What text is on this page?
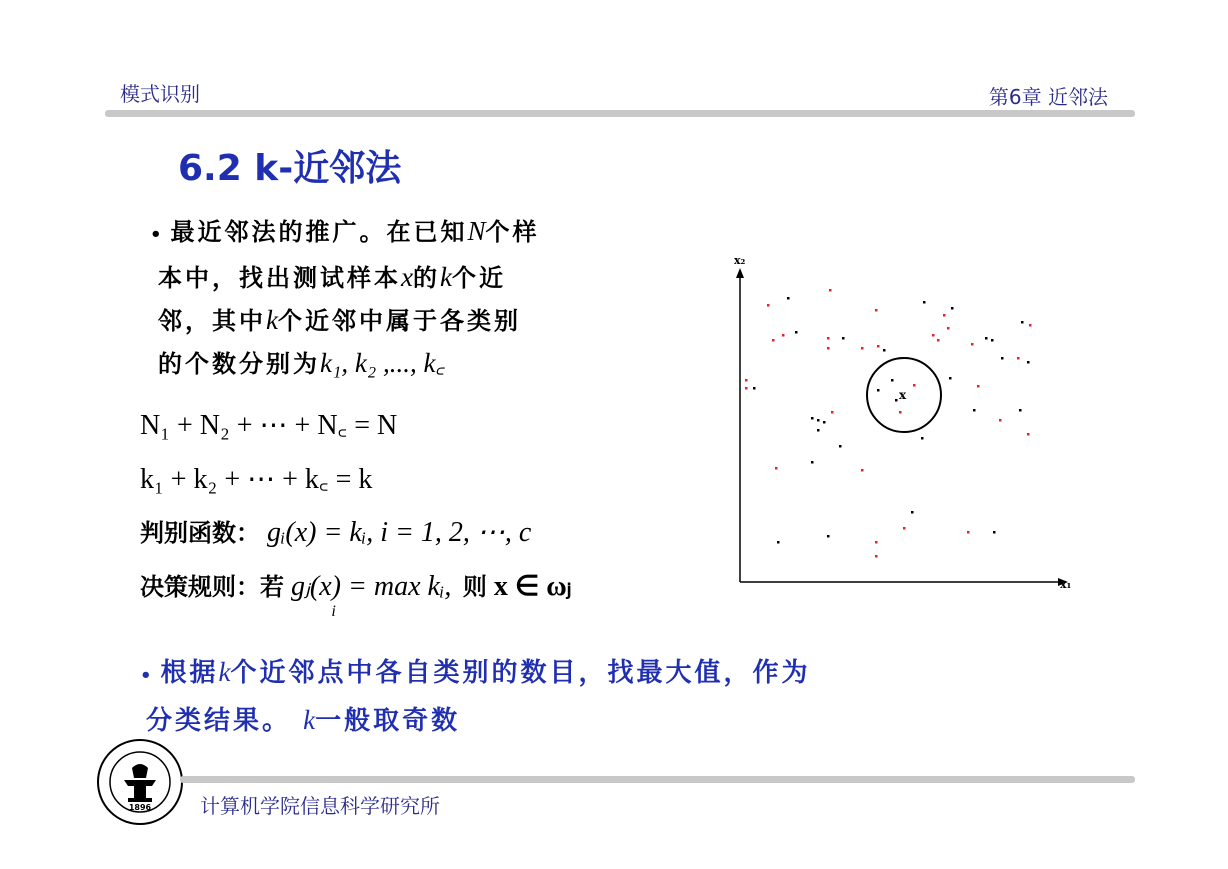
模式识别	第6章 近邻法
6.2 k-近邻法
• 最近邻法的推广。在已知N个样
本中，找出测试样本x的k个近
邻，其中k个近邻中属于各类别
的个数分别为k₁, k₂ ,..., k꜀
N₁ + N₂ + ⋯ + N꜀ = N
k₁ + k₂ + ⋯ + k꜀ = k
判别函数： gᵢ(x) = kᵢ, i = 1, 2, ⋯, c
决策规则：若 gⱼ(x) = $\max kᵢ,_i$ 则 x ∈ ωⱼ	x₁
x₂
x
• 根据k个近邻点中各自类别的数目，找最大值，作为
分类结果。 k一般取奇数
1896 计算机学院信息科学研究所
